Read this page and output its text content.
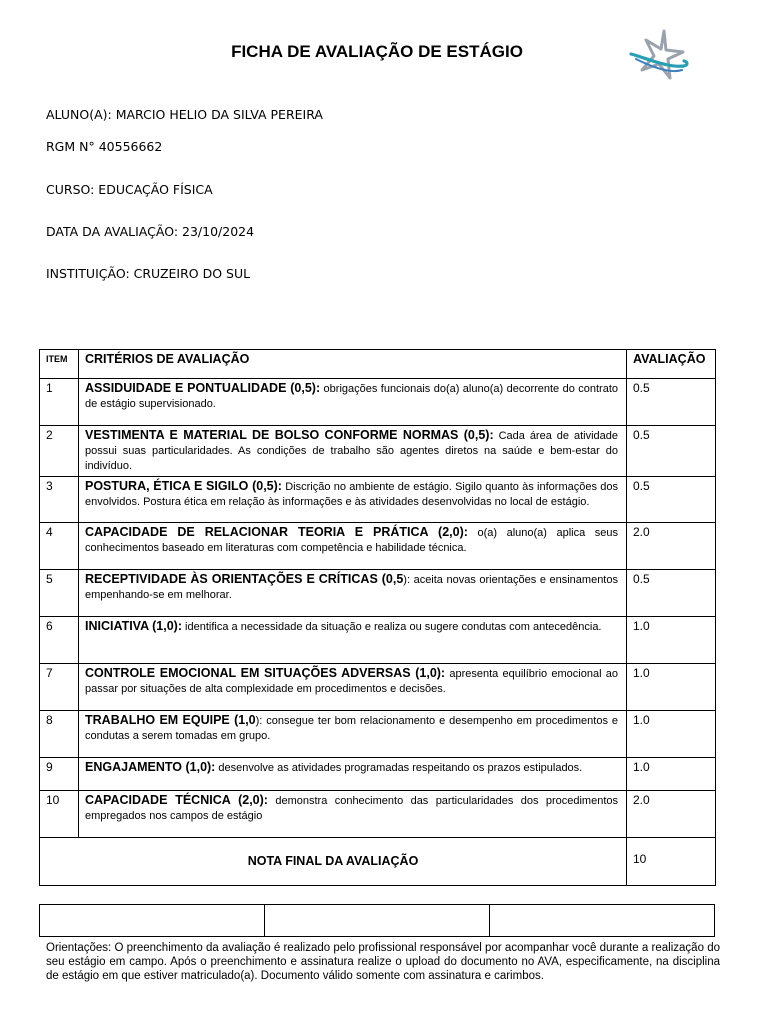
FICHA DE AVALIAÇÃO DE ESTÁGIO
ALUNO(A): MARCIO HELIO DA SILVA PEREIRA
RGM N° 40556662
CURSO: EDUCAÇÃO FÍSICA
DATA DA AVALIAÇÃO: 23/10/2024
INSTITUIÇÃO: CRUZEIRO DO SUL
ITEM	CRITÉRIOS DE AVALIAÇÃO	AVALIAÇÃO
1	ASSIDUIDADE E PONTUALIDADE (0,5): obrigações funcionais do(a) aluno(a) decorrente do contrato de estágio supervisionado.	0.5
2	VESTIMENTA E MATERIAL DE BOLSO CONFORME NORMAS (0,5): Cada área de atividade possui suas particularidades. As condições de trabalho são agentes diretos na saúde e bem-estar do indivíduo.	0.5
3	POSTURA, ÉTICA E SIGILO (0,5): Discrição no ambiente de estágio. Sigilo quanto às informações dos envolvidos. Postura ética em relação às informações e às atividades desenvolvidas no local de estágio.	0.5
4	CAPACIDADE DE RELACIONAR TEORIA E PRÁTICA (2,0): o(a) aluno(a) aplica seus conhecimentos baseado em literaturas com competência e habilidade técnica.	2.0
5	RECEPTIVIDADE ÀS ORIENTAÇÕES E CRÍTICAS (0,5): aceita novas orientações e ensinamentos empenhando-se em melhorar.	0.5
6	INICIATIVA (1,0): identifica a necessidade da situação e realiza ou sugere condutas com antecedência.	1.0
7	CONTROLE EMOCIONAL EM SITUAÇÕES ADVERSAS (1,0): apresenta equilíbrio emocional ao passar por situações de alta complexidade em procedimentos e decisões.	1.0
8	TRABALHO EM EQUIPE (1,0): consegue ter bom relacionamento e desempenho em procedimentos e condutas a serem tomadas em grupo.	1.0
9	ENGAJAMENTO (1,0): desenvolve as atividades programadas respeitando os prazos estipulados.	1.0
10	CAPACIDADE TÉCNICA (2,0): demonstra conhecimento das particularidades dos procedimentos empregados nos campos de estágio	2.0
NOTA FINAL DA AVALIAÇÃO		10

Orientações: O preenchimento da avaliação é realizado pelo profissional responsável por acompanhar você durante a realização do seu estágio em campo. Após o preenchimento e assinatura realize o upload do documento no AVA, especificamente, na disciplina de estágio em que estiver matriculado(a). Documento válido somente com assinatura e carimbos.
